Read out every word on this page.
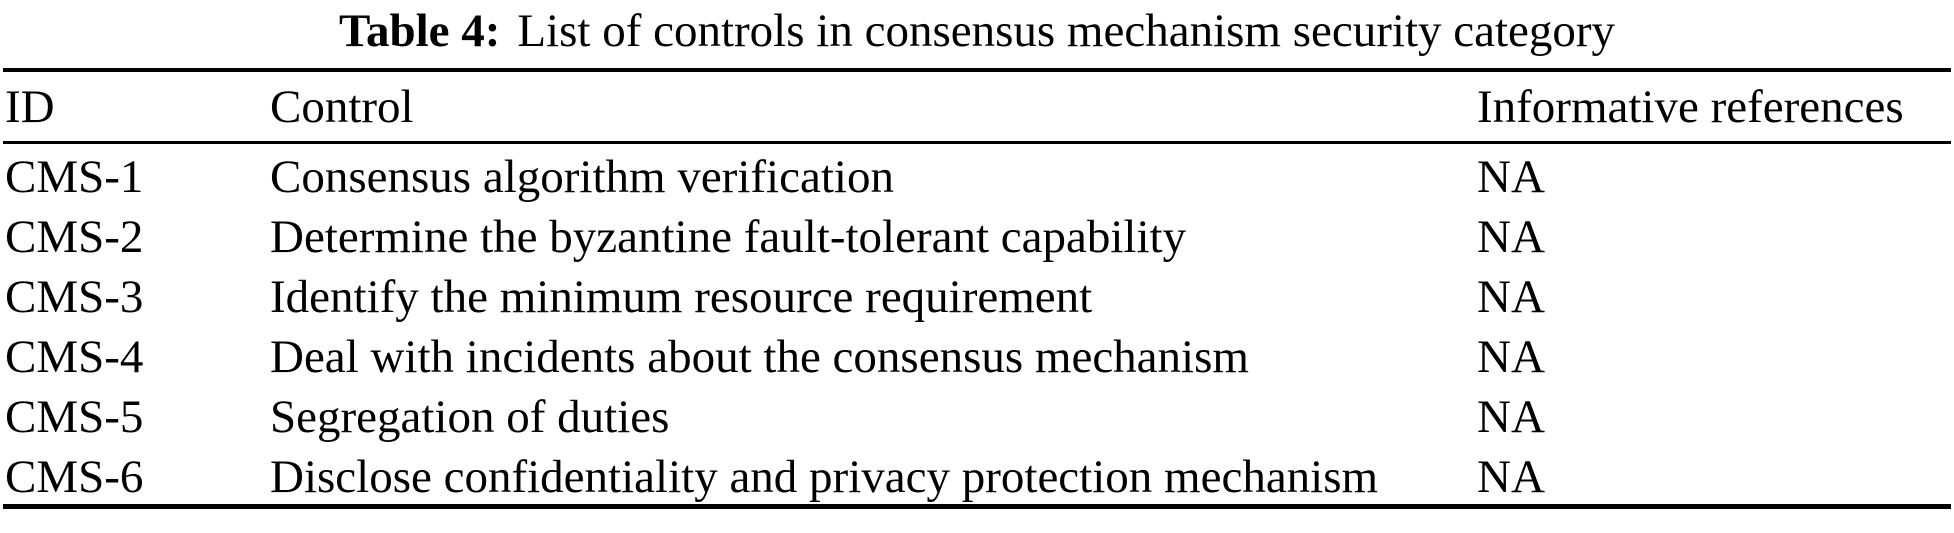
Table 4: List of controls in consensus mechanism security category
ID	Control	Informative references
CMS-1	Consensus algorithm verification	NA
CMS-2	Determine the byzantine fault-tolerant capability	NA
CMS-3	Identify the minimum resource requirement	NA
CMS-4	Deal with incidents about the consensus mechanism	NA
CMS-5	Segregation of duties	NA
CMS-6	Disclose confidentiality and privacy protection mechanism	NA
